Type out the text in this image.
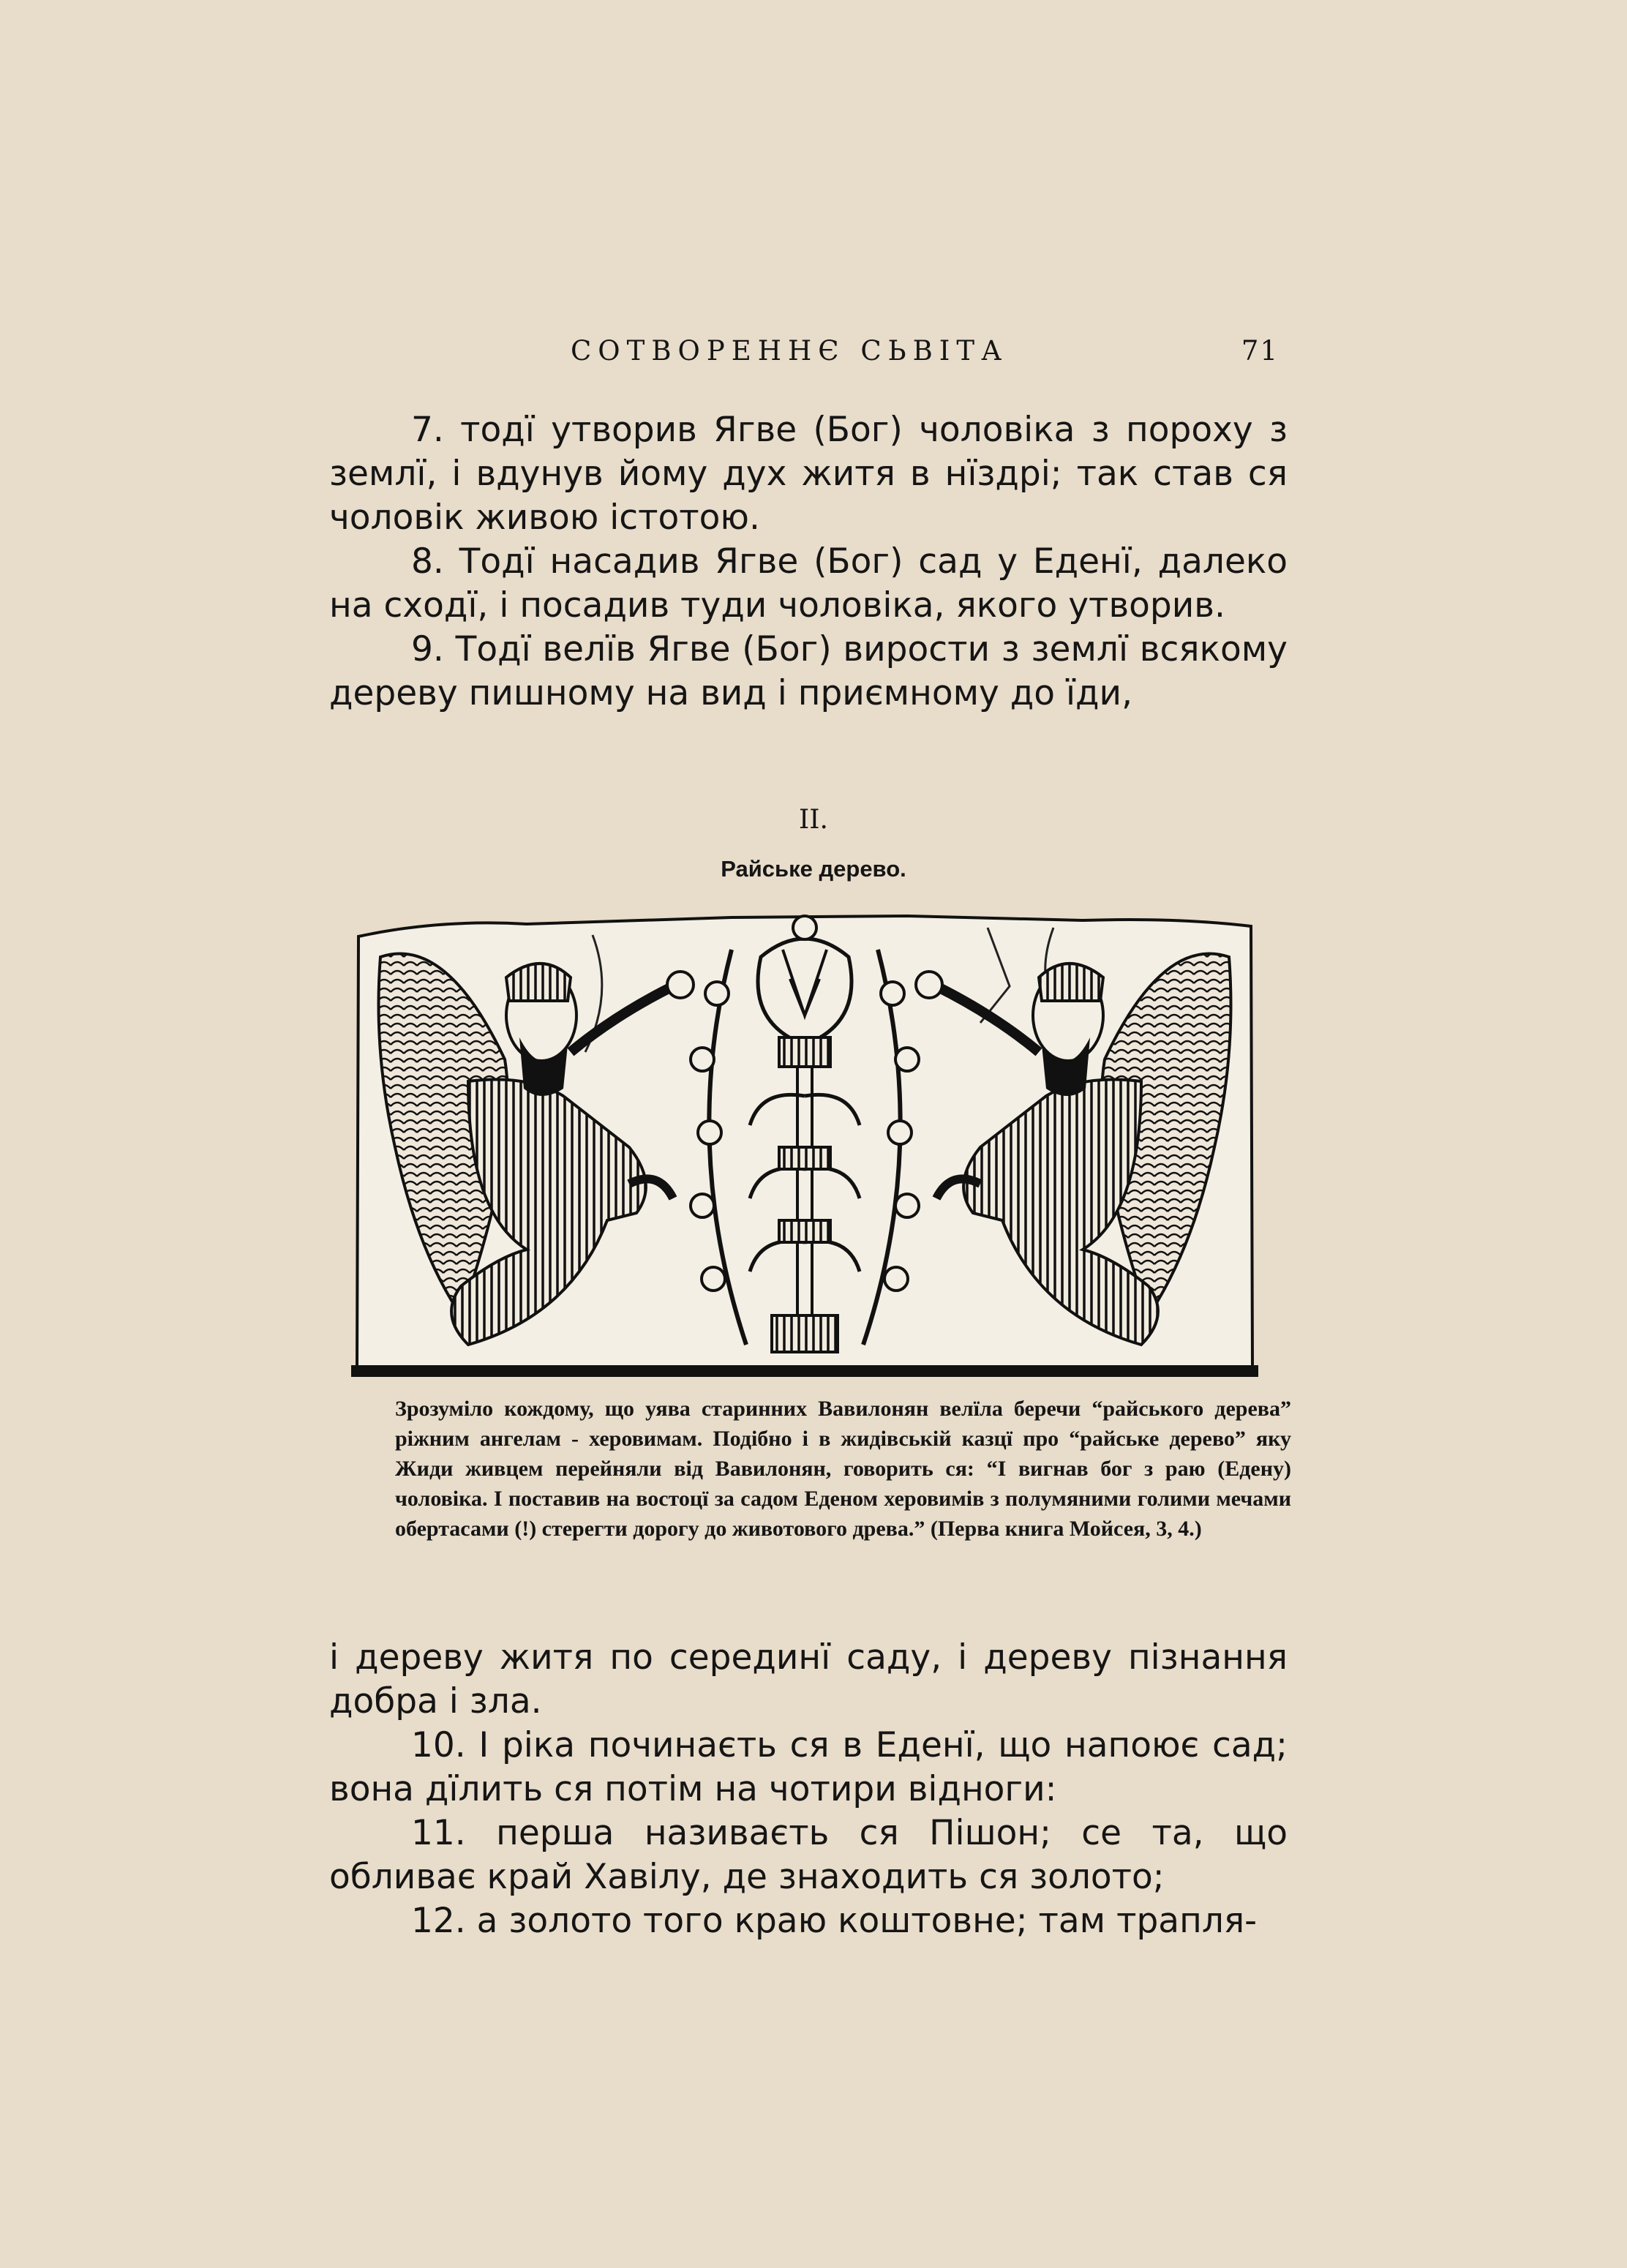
СОТВОРЕННЄ СЬВІТА	71

7. тодї утворив Ягве (Бог) чоловіка з пороху з землї, і вдунув йому дух житя в нїздрі; так став ся чоловік живою істотою.

8. Тодї насадив Ягве (Бог) сад у Еденї, далеко на сходї, і посадив туди чоловіка, якого утворив.

9. Тодї велїв Ягве (Бог) вирости з землї всякому дереву пишному на вид і приємному до їди,

II.
Райське дерево.
Зрозуміло кождому, що уява старинних Вавилонян велїла беречи “райського дерева” ріжним ангелам - херовимам. Подібно і в жидівській казцї про “райське дерево” яку Жиди живцем перейняли від Вавилонян, говорить ся: “І вигнав бог з раю (Едену) чоловіка. І поставив на востоцї за садом Еденом херовимів з полумяними голими мечами обертасами (!) стерегти дорогу до животового древа.” (Перва книга Мойсея, 3, 4.)

і дереву житя по серединї саду, і дереву пізнання добра і зла.

10. І ріка починаєть ся в Еденї, що напоює сад; вона дїлить ся потім на чотири відноги:

11. перша називаєть ся Пішон; се та, що обливає край Хавілу, де знаходить ся золото;

12. а золото того краю коштовне; там трапля-
